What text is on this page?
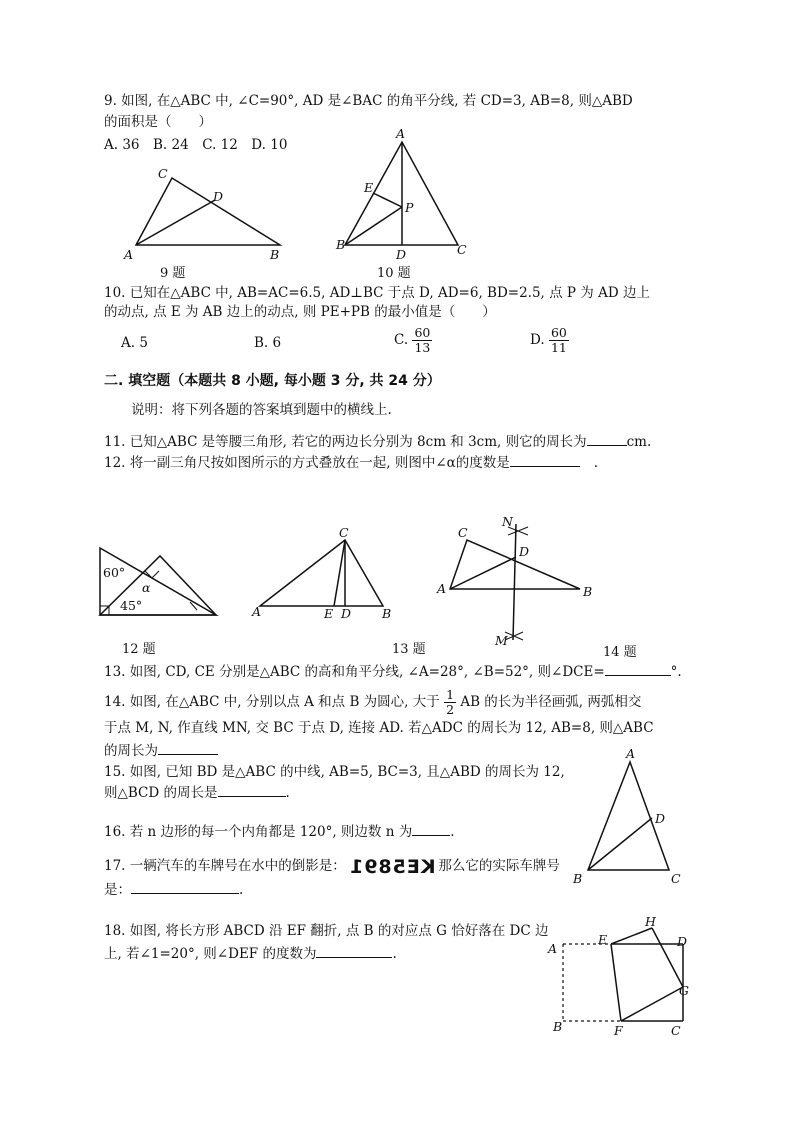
9. 如图, 在△ABC 中, ∠C=90°, AD 是∠BAC 的角平分线, 若 CD=3, AB=8, 则△ABD
的面积是（　　）
A. 36　B. 24　C. 12　D. 10
A
C
D
B
9 题
A
E
P
B
D	C
10 题
10. 已知在△ABC 中, AB=AC=6.5, AD⊥BC 于点 D, AD=6, BD=2.5, 点 P 为 AD 边上
的动点, 点 E 为 AB 边上的动点, 则 PE+PB 的最小值是（　　）
A. 5	B. 6	C. $\frac{60}{13}$	D. $\frac{60}{11}$
二. 填空题（本题共 8 小题, 每小题 3 分, 共 24 分）
说明：将下列各题的答案填到题中的横线上.
11. 已知△ABC 是等腰三角形, 若它的两边长分别为 8cm 和 3cm, 则它的周长为	cm.
12. 将一副三角尺按如图所示的方式叠放在一起, 则图中∠α的度数是	.
60°
45°
α
12 题
C
A	E D B
13 题
N
C
D
A	B
M
14 题
13. 如图, CD, CE 分别是△ABC 的高和角平分线, ∠A=28°, ∠B=52°, 则∠DCE=	°.
14. 如图, 在△ABC 中, 分别以点 A 和点 B 为圆心, 大于 $\frac{1}{2}$ AB 的长为半径画弧, 两弧相交
于点 M, N, 作直线 MN, 交 BC 于点 D, 连接 AD. 若△ADC 的周长为 12, AB=8, 则△ABC
的周长为
15. 如图, 已知 BD 是△ABC 的中线, AB=5, BC=3, 且△ABD 的周长为 12,
则△BCD 的周长是	.
A
D
B	C
16. 若 n 边形的每一个内角都是 120°, 则边数 n 为	.
17. 一辆汽车的车牌号在水中的倒影是： KE5891 那么它的实际车牌号
是：	.
18. 如图, 将长方形 ABCD 沿 EF 翻折, 点 B 的对应点 G 恰好落在 DC 边
上, 若∠1=20°, 则∠DEF 的度数为	.
H
E	D
A
G
B	F	C
